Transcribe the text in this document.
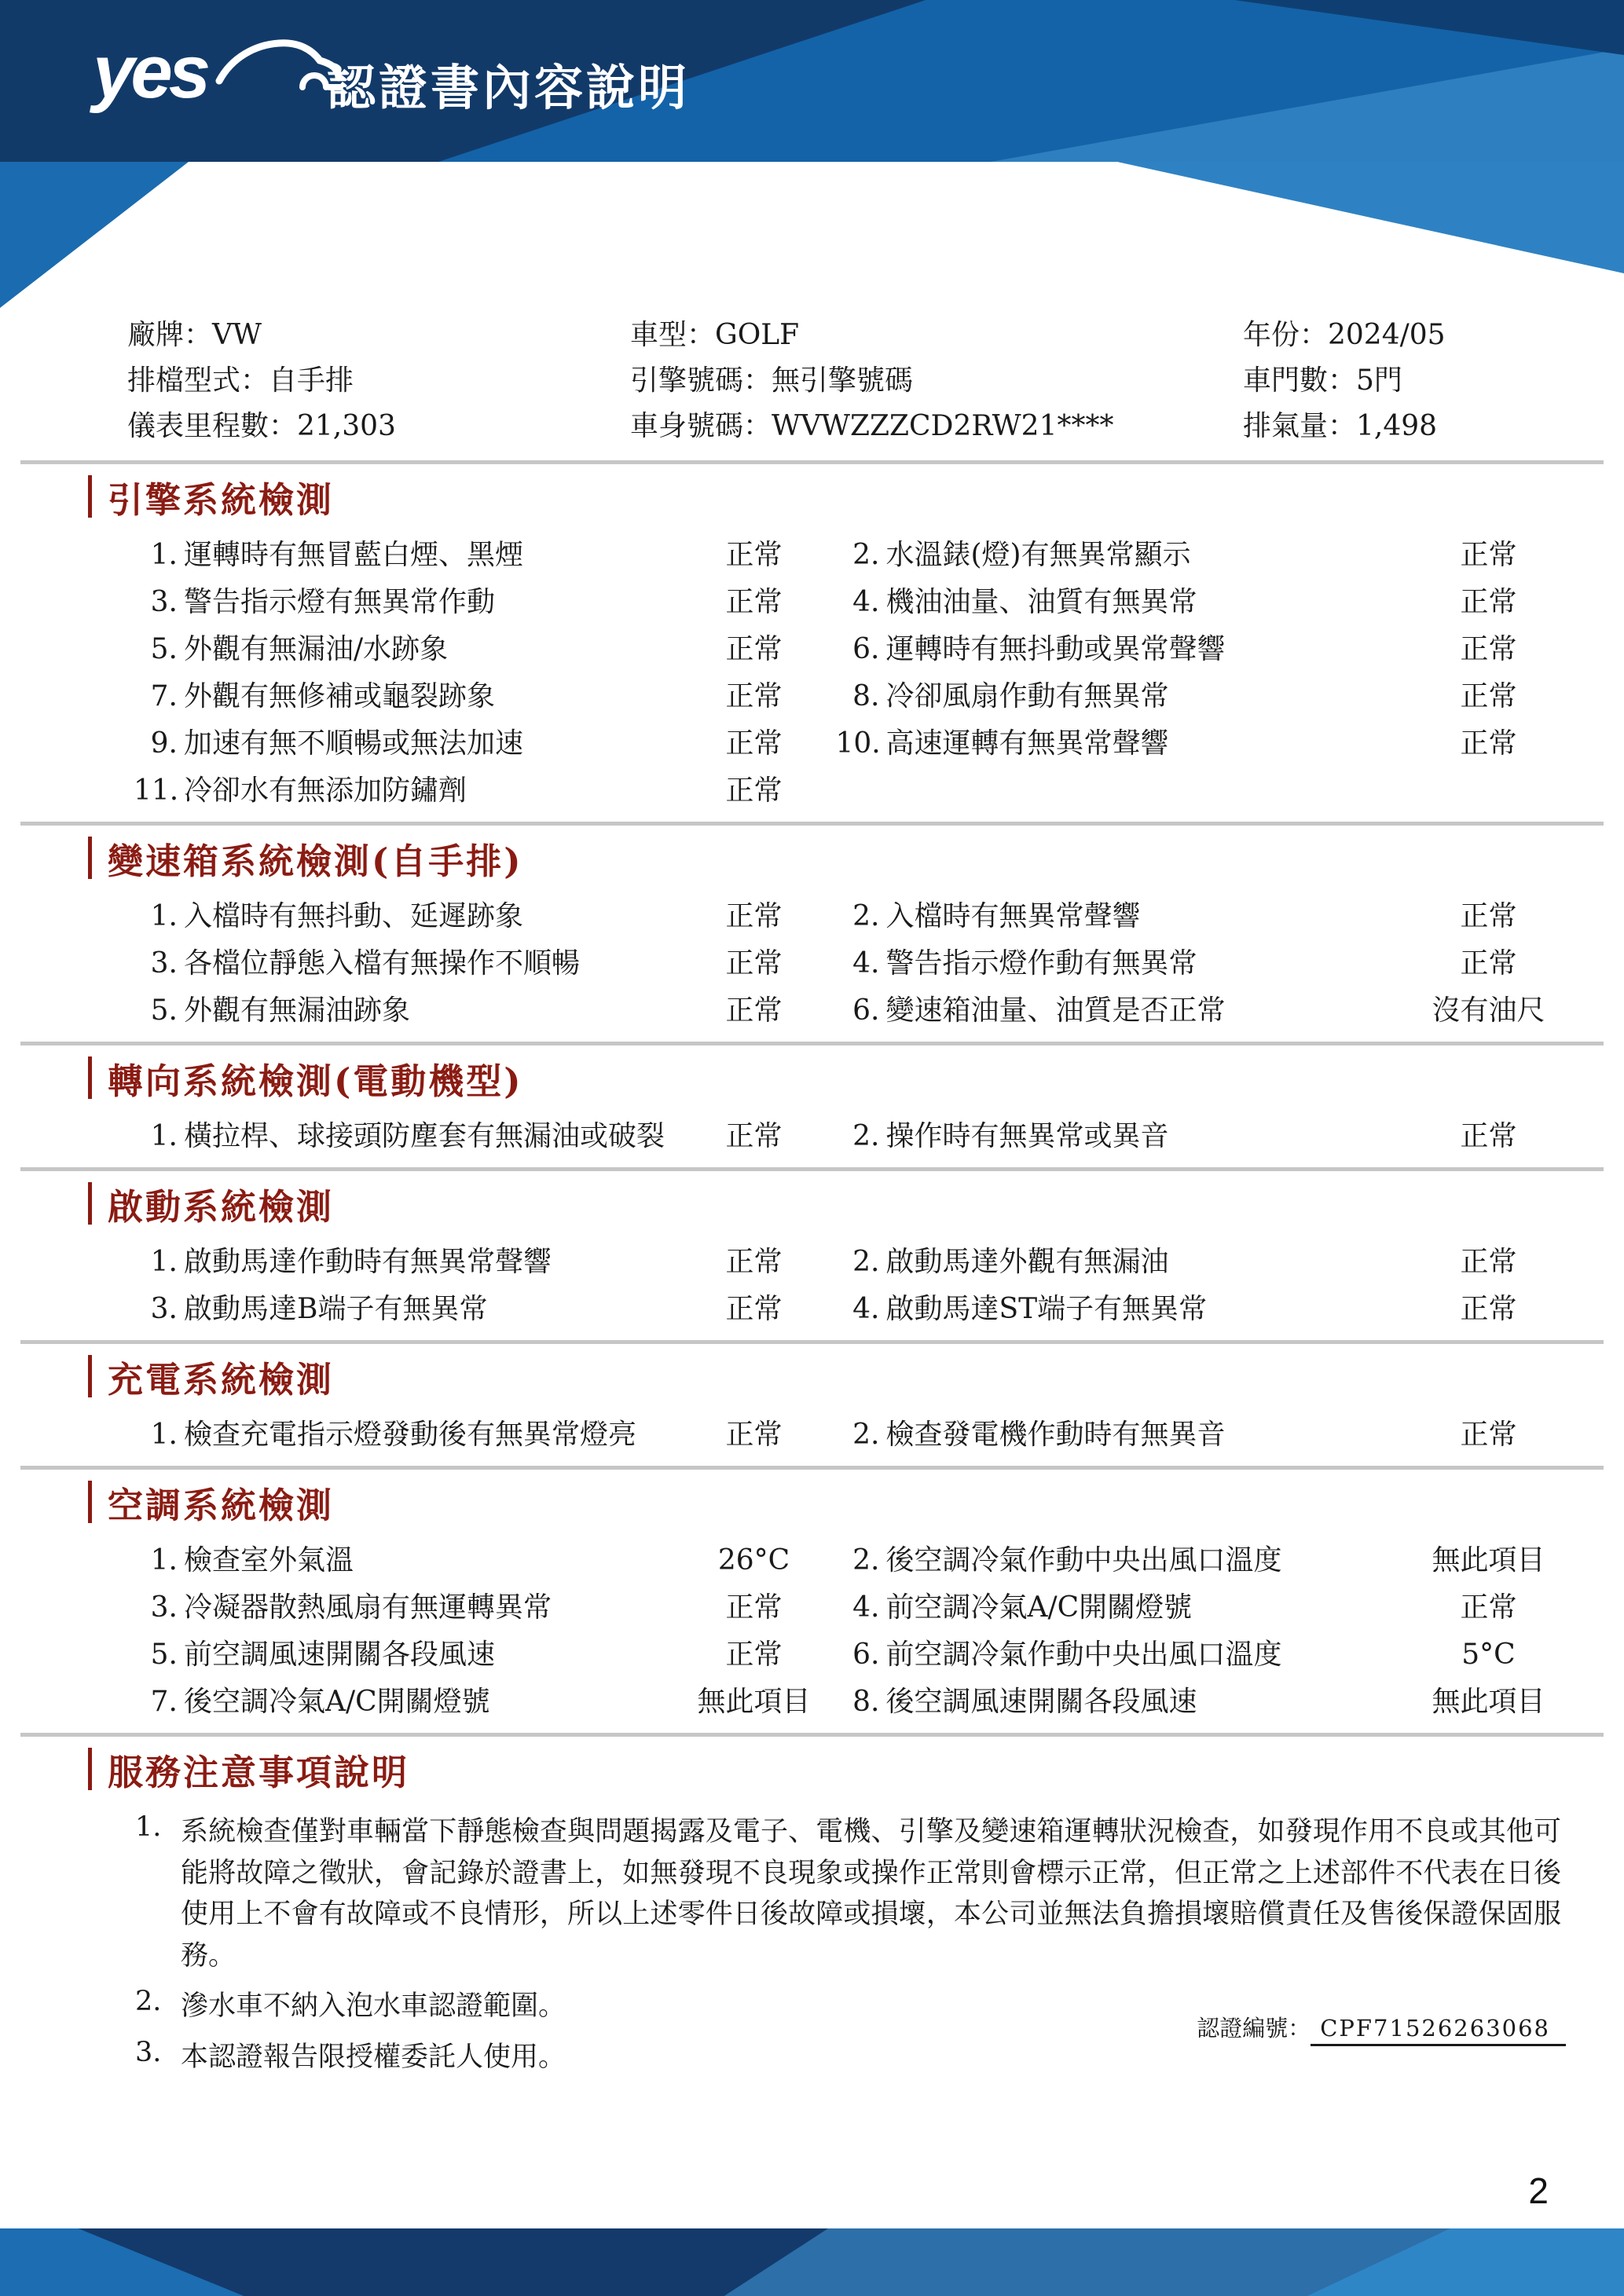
yes 認證書內容說明
廠牌：VW
排檔型式：自手排
儀表里程數：21,303
車型：GOLF
引擎號碼：無引擎號碼
車身號碼：WVWZZZCD2RW21****
年份：2024/05
車門數：5門
排氣量：1,498
引擎系統檢測
1. 運轉時有無冒藍白煙、黑煙	正常	2. 水溫錶(燈)有無異常顯示	正常
3. 警告指示燈有無異常作動	正常	4. 機油油量、油質有無異常	正常
5. 外觀有無漏油/水跡象	正常	6. 運轉時有無抖動或異常聲響	正常
7. 外觀有無修補或龜裂跡象	正常	8. 冷卻風扇作動有無異常	正常
9. 加速有無不順暢或無法加速	正常	10. 高速運轉有無異常聲響	正常
11. 冷卻水有無添加防鏽劑	正常
變速箱系統檢測(自手排)
1. 入檔時有無抖動、延遲跡象	正常	2. 入檔時有無異常聲響	正常
3. 各檔位靜態入檔有無操作不順暢	正常	4. 警告指示燈作動有無異常	正常
5. 外觀有無漏油跡象	正常	6. 變速箱油量、油質是否正常	沒有油尺
轉向系統檢測(電動機型)
1. 橫拉桿、球接頭防塵套有無漏油或破裂	正常	2. 操作時有無異常或異音	正常
啟動系統檢測
1. 啟動馬達作動時有無異常聲響	正常	2. 啟動馬達外觀有無漏油	正常
3. 啟動馬達B端子有無異常	正常	4. 啟動馬達ST端子有無異常	正常
充電系統檢測
1. 檢查充電指示燈發動後有無異常燈亮	正常	2. 檢查發電機作動時有無異音	正常
空調系統檢測
1. 檢查室外氣溫	26°C	2. 後空調冷氣作動中央出風口溫度	無此項目
3. 冷凝器散熱風扇有無運轉異常	正常	4. 前空調冷氣A/C開關燈號	正常
5. 前空調風速開關各段風速	正常	6. 前空調冷氣作動中央出風口溫度	5°C
7. 後空調冷氣A/C開關燈號	無此項目	8. 後空調風速開關各段風速	無此項目
服務注意事項說明
1. 系統檢查僅對車輛當下靜態檢查與問題揭露及電子、電機、引擎及變速箱運轉狀況檢查，如發現作用不良或其他可能將故障之徵狀，會記錄於證書上，如無發現不良現象或操作正常則會標示正常，但正常之上述部件不代表在日後使用上不會有故障或不良情形，所以上述零件日後故障或損壞，本公司並無法負擔損壞賠償責任及售後保證保固服務。
2. 滲水車不納入泡水車認證範圍。
3. 本認證報告限授權委託人使用。
認證編號： CPF71526263068
2
